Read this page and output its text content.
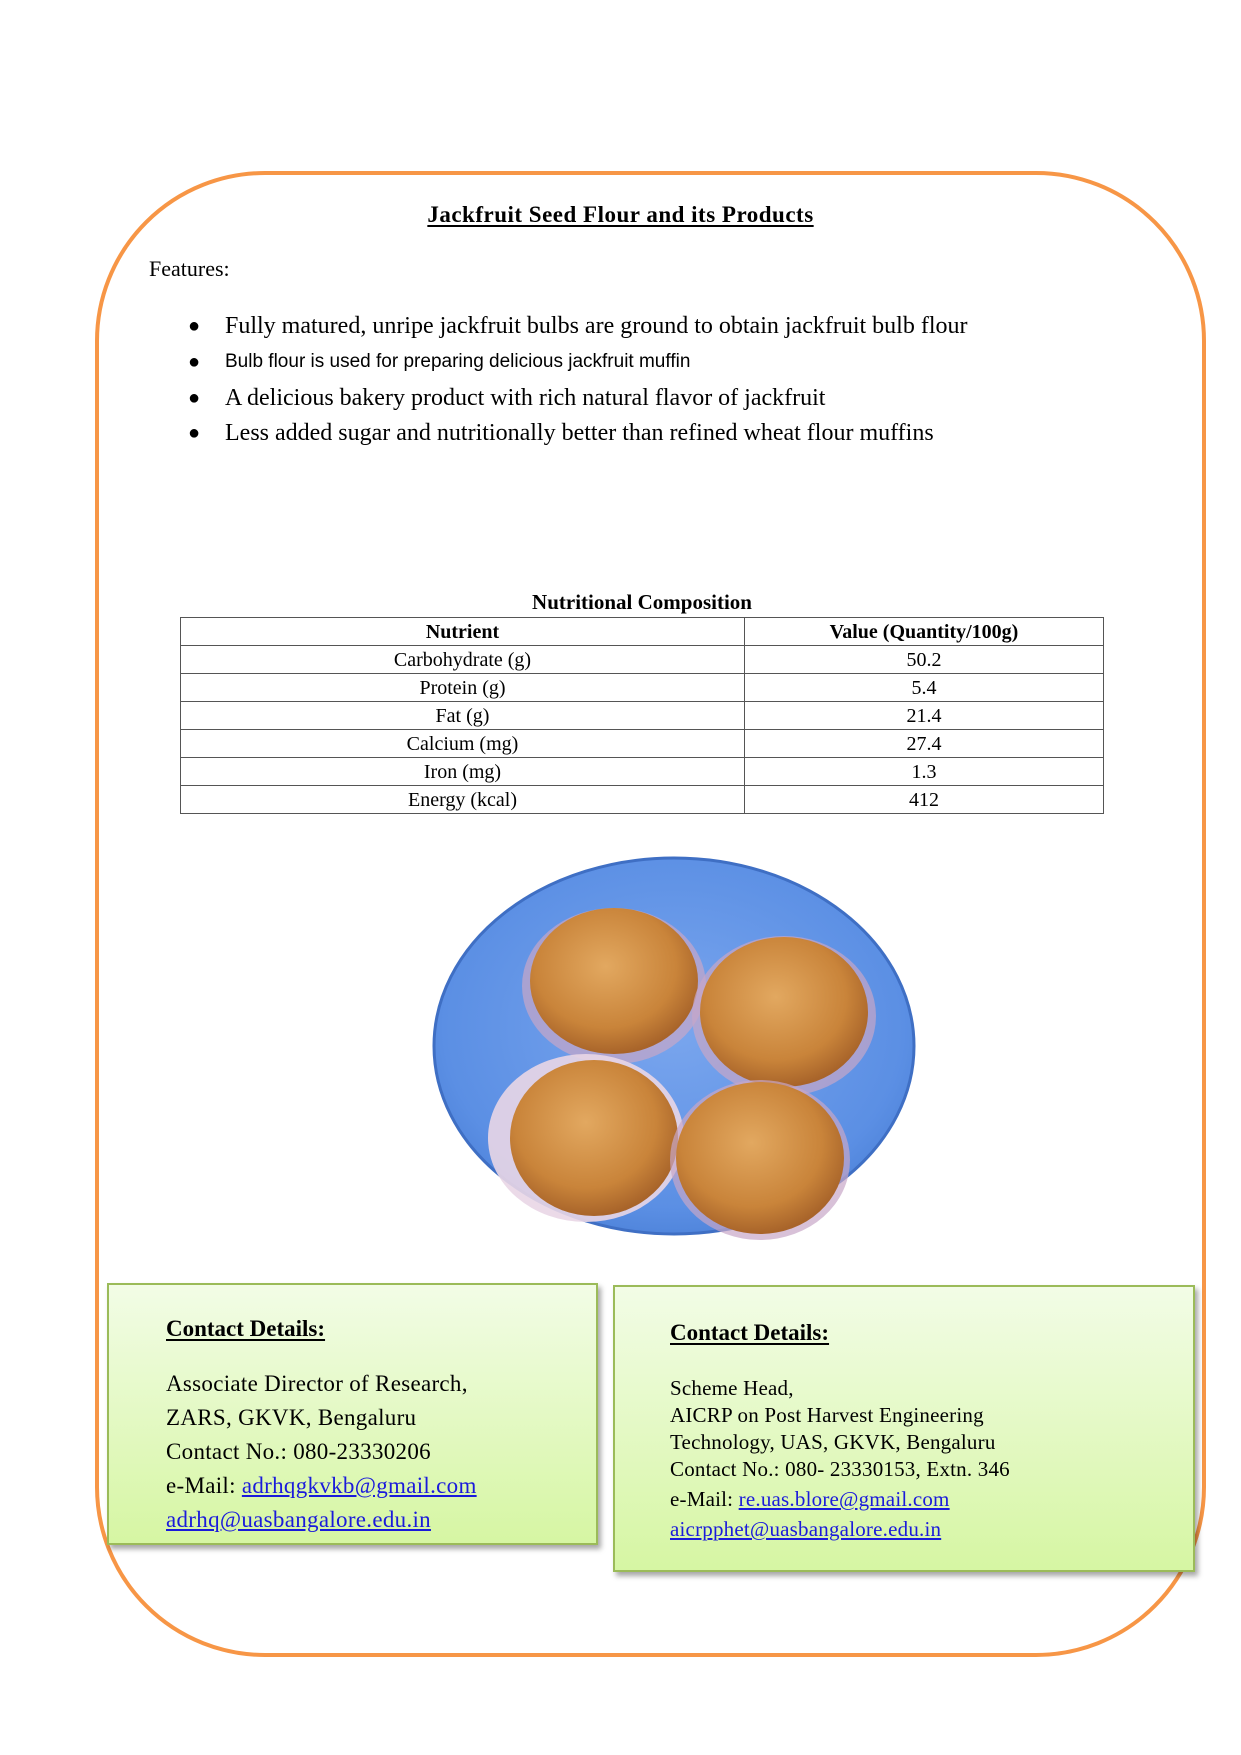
Jackfruit Seed Flour and its Products
Features:
● Fully matured, unripe jackfruit bulbs are ground to obtain jackfruit bulb flour
● Bulb flour is used for preparing delicious jackfruit muffin
● A delicious bakery product with rich natural flavor of jackfruit
● Less added sugar and nutritionally better than refined wheat flour muffins
Nutritional Composition
Nutrient	Value (Quantity/100g)
Carbohydrate (g)	50.2
Protein (g)	5.4
Fat (g)	21.4
Calcium (mg)	27.4
Iron (mg)	1.3
Energy (kcal)	412
Contact Details:
Associate Director of Research,
ZARS, GKVK, Bengaluru
Contact No.: 080-23330206
e-Mail: adrhqgkvkb@gmail.com
adrhq@uasbangalore.edu.in
Contact Details:
Scheme Head,
AICRP on Post Harvest Engineering
Technology, UAS, GKVK, Bengaluru
Contact No.: 080- 23330153, Extn. 346
e-Mail: re.uas.blore@gmail.com
aicrpphet@uasbangalore.edu.in
